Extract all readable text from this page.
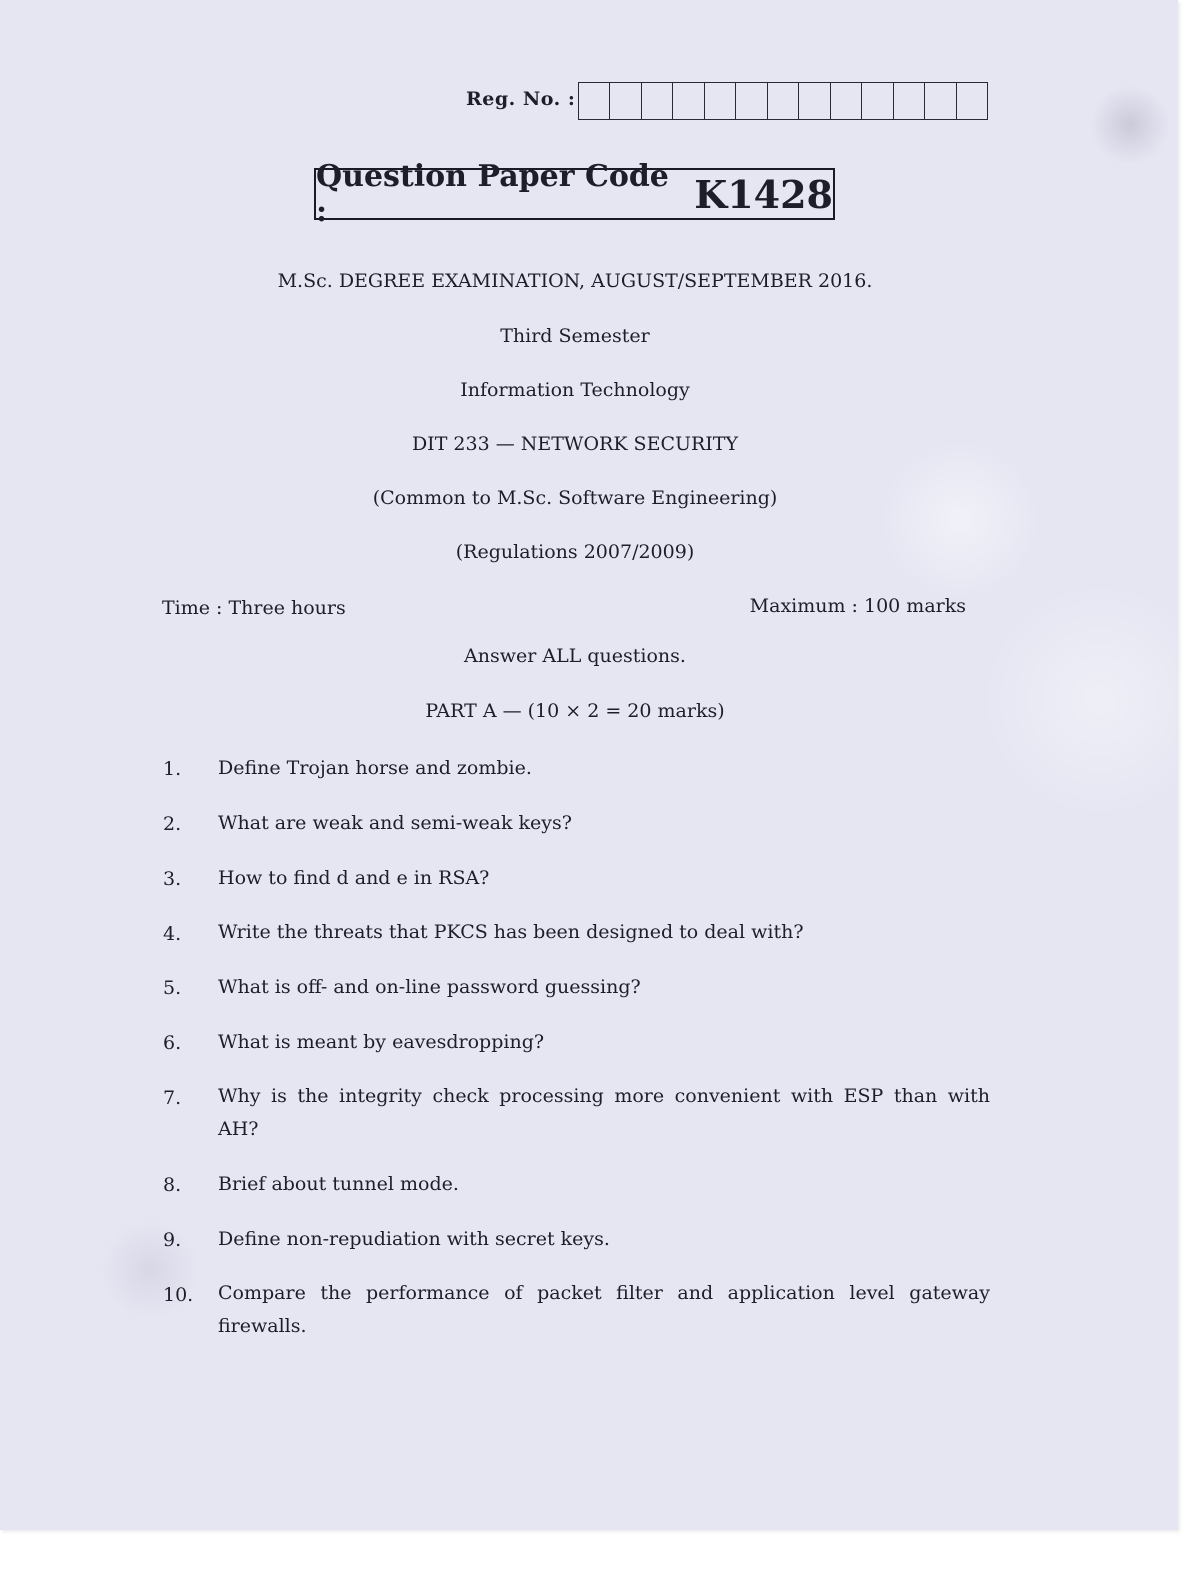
Reg. No. :
Question Paper Code :	K1428
M.Sc. DEGREE EXAMINATION, AUGUST/SEPTEMBER 2016.
Third Semester
Information Technology
DIT 233 — NETWORK SECURITY
(Common to M.Sc. Software Engineering)
(Regulations 2007/2009)
Time : Three hours	Maximum : 100 marks
Answer ALL questions.
PART A — (10 × 2 = 20 marks)
1. Define Trojan horse and zombie.
2. What are weak and semi-weak keys?
3. How to find d and e in RSA?
4. Write the threats that PKCS has been designed to deal with?
5. What is off- and on-line password guessing?
6. What is meant by eavesdropping?
7. Why is the integrity check processing more convenient with ESP than with
AH?
8. Brief about tunnel mode.
9. Define non-repudiation with secret keys.
10. Compare the performance of packet filter and application level gateway
firewalls.
